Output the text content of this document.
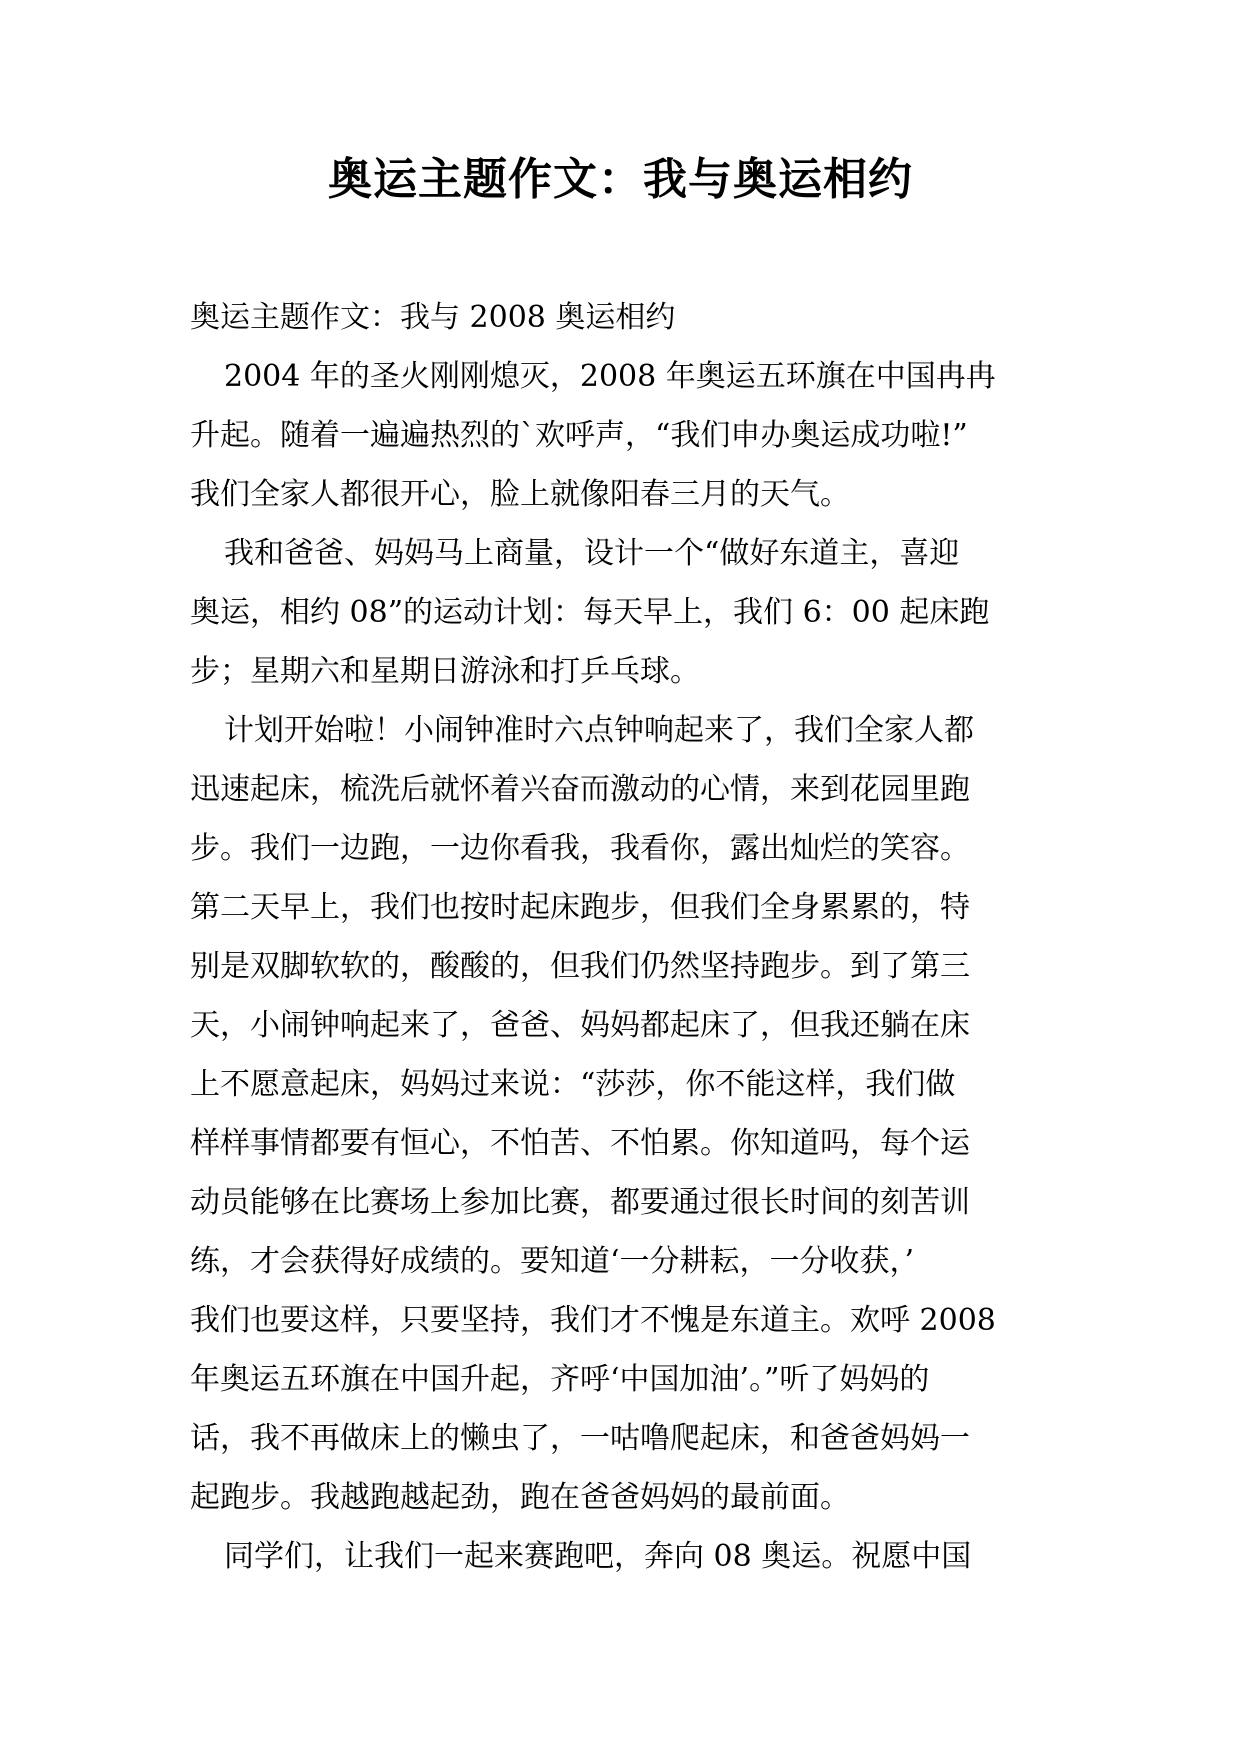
奥运主题作文：我与奥运相约
奥运主题作文：我与 2008 奥运相约
2004 年的圣火刚刚熄灭，2008 年奥运五环旗在中国冉冉
升起。随着一遍遍热烈的`欢呼声，“我们申办奥运成功啦!”
我们全家人都很开心，脸上就像阳春三月的天气。
我和爸爸、妈妈马上商量，设计一个“做好东道主，喜迎
奥运，相约 08”的运动计划：每天早上，我们 6：00 起床跑
步；星期六和星期日游泳和打乒乓球。
计划开始啦！小闹钟准时六点钟响起来了，我们全家人都
迅速起床，梳洗后就怀着兴奋而激动的心情，来到花园里跑
步。我们一边跑，一边你看我，我看你，露出灿烂的笑容。
第二天早上，我们也按时起床跑步，但我们全身累累的，特
别是双脚软软的，酸酸的，但我们仍然坚持跑步。到了第三
天，小闹钟响起来了，爸爸、妈妈都起床了，但我还躺在床
上不愿意起床，妈妈过来说：“莎莎，你不能这样，我们做
样样事情都要有恒心，不怕苦、不怕累。你知道吗，每个运
动员能够在比赛场上参加比赛，都要通过很长时间的刻苦训
练，才会获得好成绩的。要知道‘一分耕耘，一分收获，’
我们也要这样，只要坚持，我们才不愧是东道主。欢呼 2008
年奥运五环旗在中国升起，齐呼‘中国加油’。”听了妈妈的
话，我不再做床上的懒虫了，一咕噜爬起床，和爸爸妈妈一
起跑步。我越跑越起劲，跑在爸爸妈妈的最前面。
同学们，让我们一起来赛跑吧，奔向 08 奥运。祝愿中国
